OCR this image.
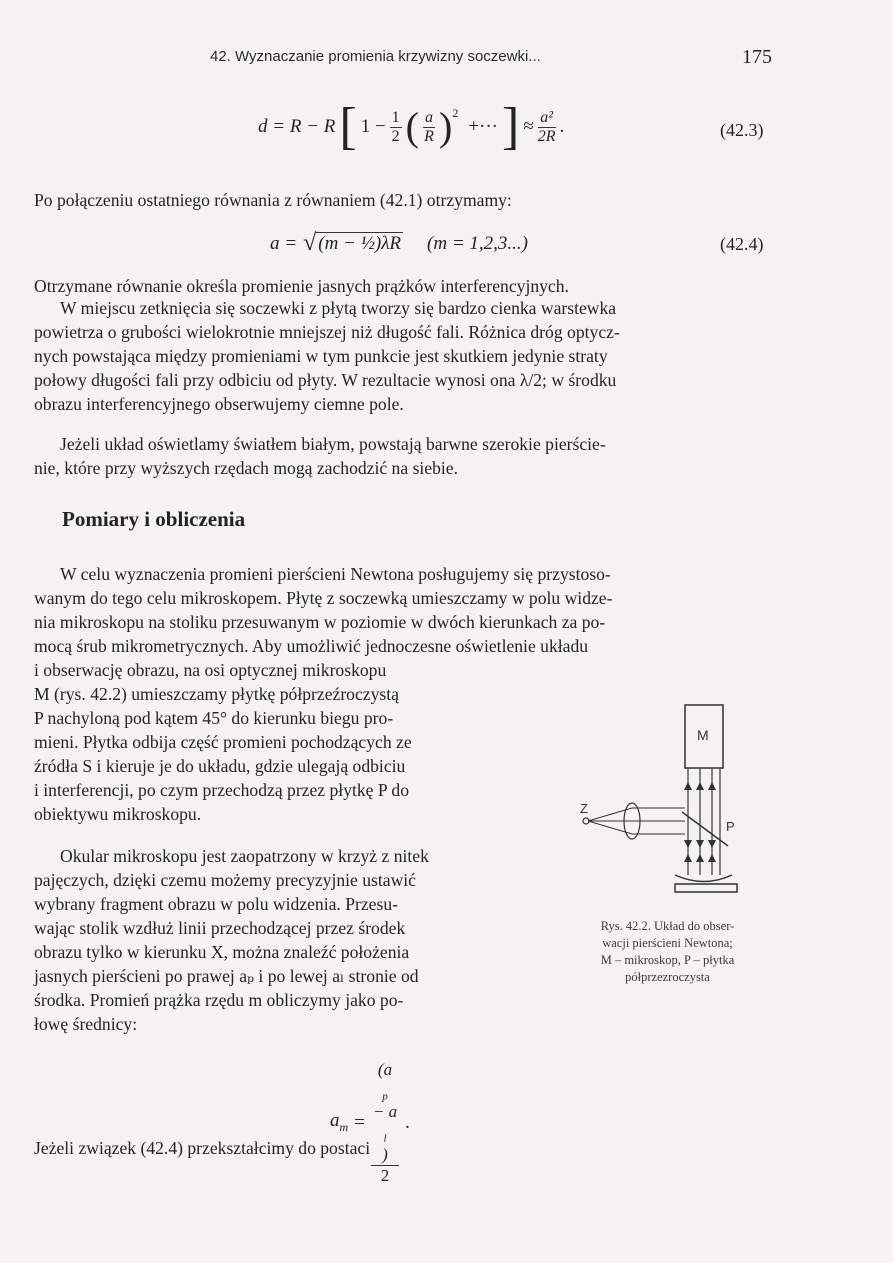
42. Wyznaczanie promienia krzywizny soczewki...	175
d = R − R [ $1 - \frac{1}{2}$ ( $\frac{a}{R} )^2$
+··· ] ≈ $\frac{\text{a²}}{2R}$ .	(42.3)
Po połączeniu ostatniego równania z równaniem (42.1) otrzymamy:
a = √ (m − ½)λR (m = 1,2,3...)	(42.4)
Otrzymane równanie określa promienie jasnych prążków interferencyjnych.
W miejscu zetknięcia się soczewki z płytą tworzy się bardzo cienka warstewka
powietrza o grubości wielokrotnie mniejszej niż długość fali. Różnica dróg optycz-
nych powstająca między promieniami w tym punkcie jest skutkiem jedynie straty
połowy długości fali przy odbiciu od płyty. W rezultacie wynosi ona λ/2; w środku
obrazu interferencyjnego obserwujemy ciemne pole.
Jeżeli układ oświetlamy światłem białym, powstają barwne szerokie pierście-
nie, które przy wyższych rzędach mogą zachodzić na siebie.
Pomiary i obliczenia
W celu wyznaczenia promieni pierścieni Newtona posługujemy się przystoso-
wanym do tego celu mikroskopem. Płytę z soczewką umieszczamy w polu widze-
nia mikroskopu na stoliku przesuwanym w poziomie w dwóch kierunkach za po-
mocą śrub mikrometrycznych. Aby umożliwić jednoczesne oświetlenie układu
i obserwację obrazu, na osi optycznej mikroskopu
M (rys. 42.2) umieszczamy płytkę półprzeźroczystą
P nachyloną pod kątem 45° do kierunku biegu pro-
mieni. Płytka odbija część promieni pochodzących ze
źródła S i kieruje je do układu, gdzie ulegają odbiciu
i interferencji, po czym przechodzą przez płytkę P do
obiektywu mikroskopu.
Okular mikroskopu jest zaopatrzony w krzyż z nitek
pajęczych, dzięki czemu możemy precyzyjnie ustawić
wybrany fragment obrazu w polu widzenia. Przesu-
wając stolik wzdłuż linii przechodzącej przez środek
obrazu tylko w kierunku X, można znaleźć położenia
jasnych pierścieni po prawej aₚ i po lewej aₗ stronie od
środka. Promień prążka rzędu m obliczymy jako po-
łowę średnicy:
M
P
Z
Rys. 42.2. Układ do obser-
wacji pierścieni Newtona;
M – mikroskop, P – płytka
półprzezroczysta
$a_m = (a$
$_p$
− a
$_l$
)
2 .
Jeżeli związek (42.4) przekształcimy do postaci
